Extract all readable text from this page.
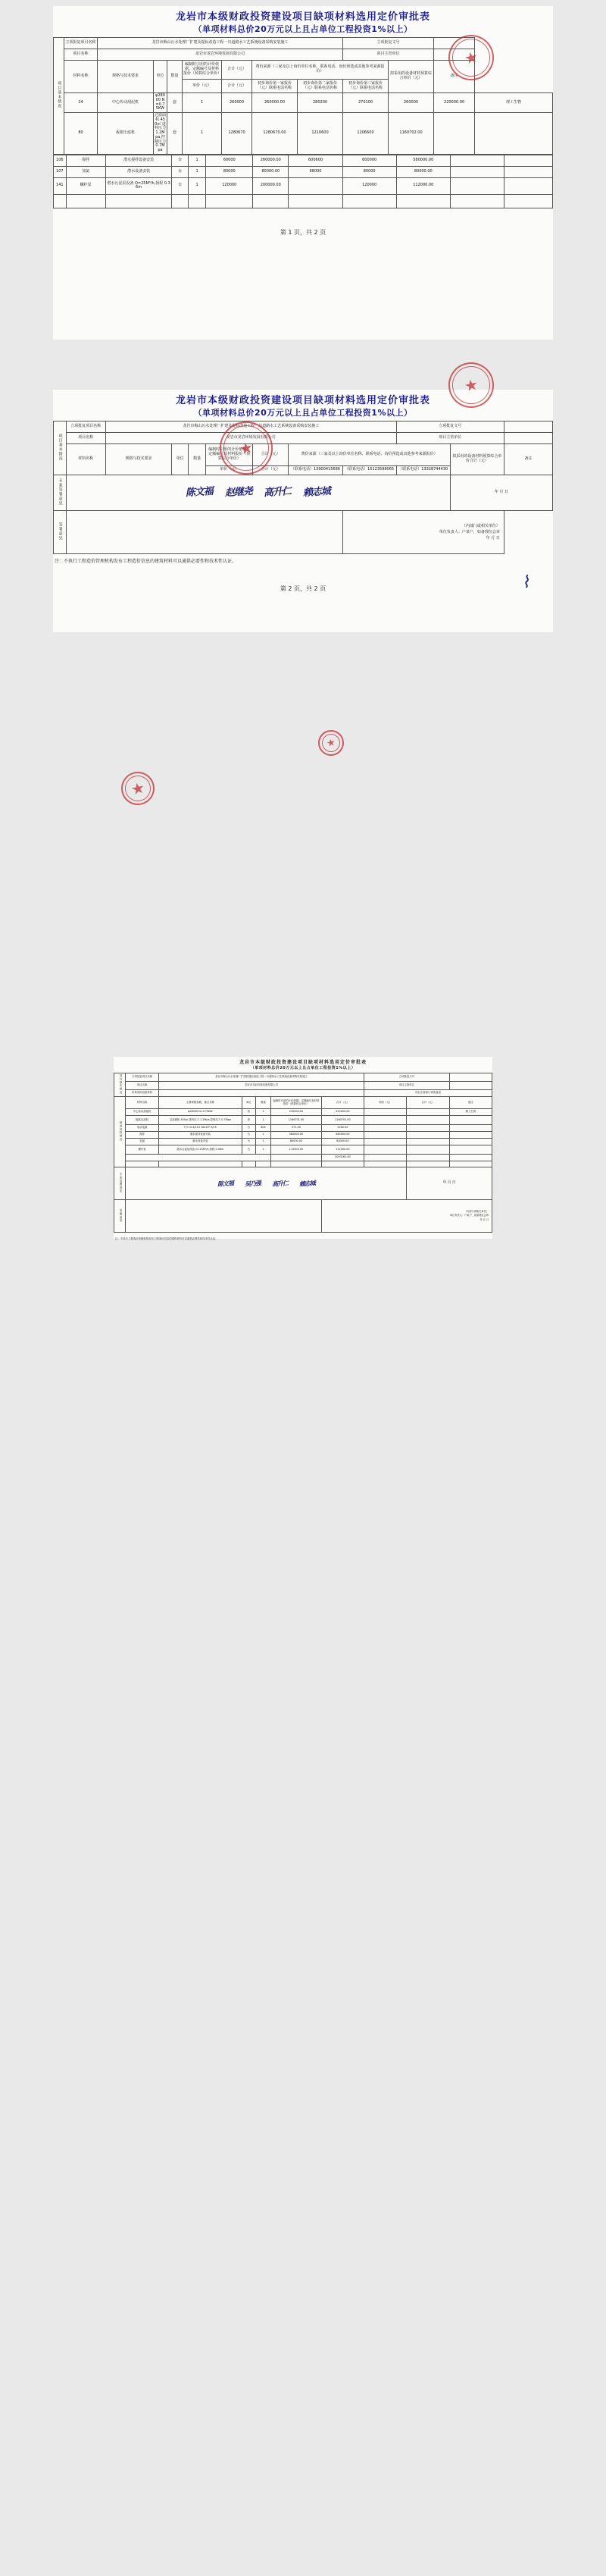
龙岩市本级财政投资建设项目缺项材料选用定价审批表
（单项材料总价20万元以上且占单位工程投资1%以上）
项目基本情况	立项批复项目名称	龙岩市梅山污水处理厂扩建及提标改造工程一川道路水工艺系统设备采购安装施工							立项批复文号			
	项目名称	龙岩市龙岩环境发展有限公司							项目主管单位			
	材料名称	规格与技术要求	单位	数量	编制时引用的计价依据、定额编号及材料报价（预算综合单价）	合计（元）	费价来源（三家及以上询价单位名称、联系电话、询价预选或其他参考来源报价）			拟采用的设备材料预算综合单价（元）	备注	
					单价（元）	合计（元）	初步询价第一家报价（元）联系电话名称	初步询价第二家报价（元）联系电话名称	初步询价第三家报价（元）联系电话名称			
	24	中心传动刮泥机	φ28000 N=0.75KW	套	1	260000	260000.00	280200	270100	260000	220000.00	理工生物
	80	板框压滤机	过滤面积 450㎡ 进料压力 1.2Mpa,控制压力 0.7Mpa	套	1	1280670	1280670.00	1210600	1206600	1160702.00		
106	搅拌	潜水搅拌设备安装	台	1	60000	260000.00	600600	600000	580000.00		
107	加氯	潜水设备安装	台	1	80000	80000.00	68000	80000	80000.00		
141	螺杆泵	潜水污泥泵设备 Q=25M³/h,扬程 0.36m	台	1	120000	200000.00		120000	112000.00		

第 1 页，共 2 页
龙岩市本级财政投资建设项目缺项材料选用定价审批表
（单项材料总价20万元以上且占单位工程投资1%以上）
项目基本情况	立项批复项目名称	龙岩市梅山污水处理厂扩建及提标改造工程一川道路水工艺系统设备采购安装施工							立项批复文号		
	项目名称	龙岩市龙岩环境发展有限公司							项目主管单位		
	材料名称	规格与技术要求	单位	数量	编制时引用的计价依据、定额编号及材料报价（预算综合单价）	合计（元）	费价来源（三家及以上询价单位名称、联系电话、询价预选或其他参考来源报价）			拟采用的设备材料预算综合单价合计（元）	备注
					单价（元）	合计（元）	（联系电话）13900415686	（联系电话）15123598065	（联系电话）13328744430		
专家签署意见	陈文福 赵继尧 高升仁 赖志城									年 月 日	
签署意见								（内部门或相关单位）
单位负责人：户某户，如备理位会章
年 月 日			
注：不执行工程造价管理机构发布工程造价信息的建筑材料可以通供必要性和技术性认证。
第 2 页，共 2 页
龙岩市本级财政投资建设项目缺项材料选用定价审批表
（单项材料总价20万元以上且占单位工程投资1%以上）
项目基本情况	立项批复项目名称	龙岩市梅山污水处理厂扩建及提标改造工程一川道路水工艺系统设备采购安装施工					立项批复文号		
	项目名称	龙岩市龙岩环境发展有限公司					项目主管单位		
	所采用的设备材料						项目主管部门审查意见		
缺项材料情况	材料名称	主要规格参数、重点名称	单位	数量	编制时引用的计价依据、定额编号及材料报价（预算综合单价）	合计（元）	询价（元）	合计（元）	备注
	中心传动刮泥机	φ28000 N=0.75KW	套	1	220000.00	220000.00			理工生物
	板框压滤机	过滤面积 450㎡ 进料压力 1.2Mpa,控制压力 0.7Mpa	套	1	1160701.00	1160701.00			
	电动电源	T,Y=0.4/110 16x10³ 5/25	台	604	571.00	2260.00			
	搅拌	潜水搅拌设备安装	台	1	580000.00	580000.00			
	加氯	潜水设备安装	台	1	80000.00	80000.00			
	螺杆泵	潜水污泥泵设备 Q=25M³/h,扬程 0.36m	台	1	112000.00	112000.00			
						2053161.00			

专家签署意见	陈文福 吴乃强 高升仁 赖志城							年 月 日	
签署意见						（内部门或相关单位）
单位负责人：户某户，如备理位会章
年 月 日			
注：不执行工程造价管理机构发布工程造价信息的建筑材料可以通供必要性和技术性认证。
★
★
★
★
★
⌇
